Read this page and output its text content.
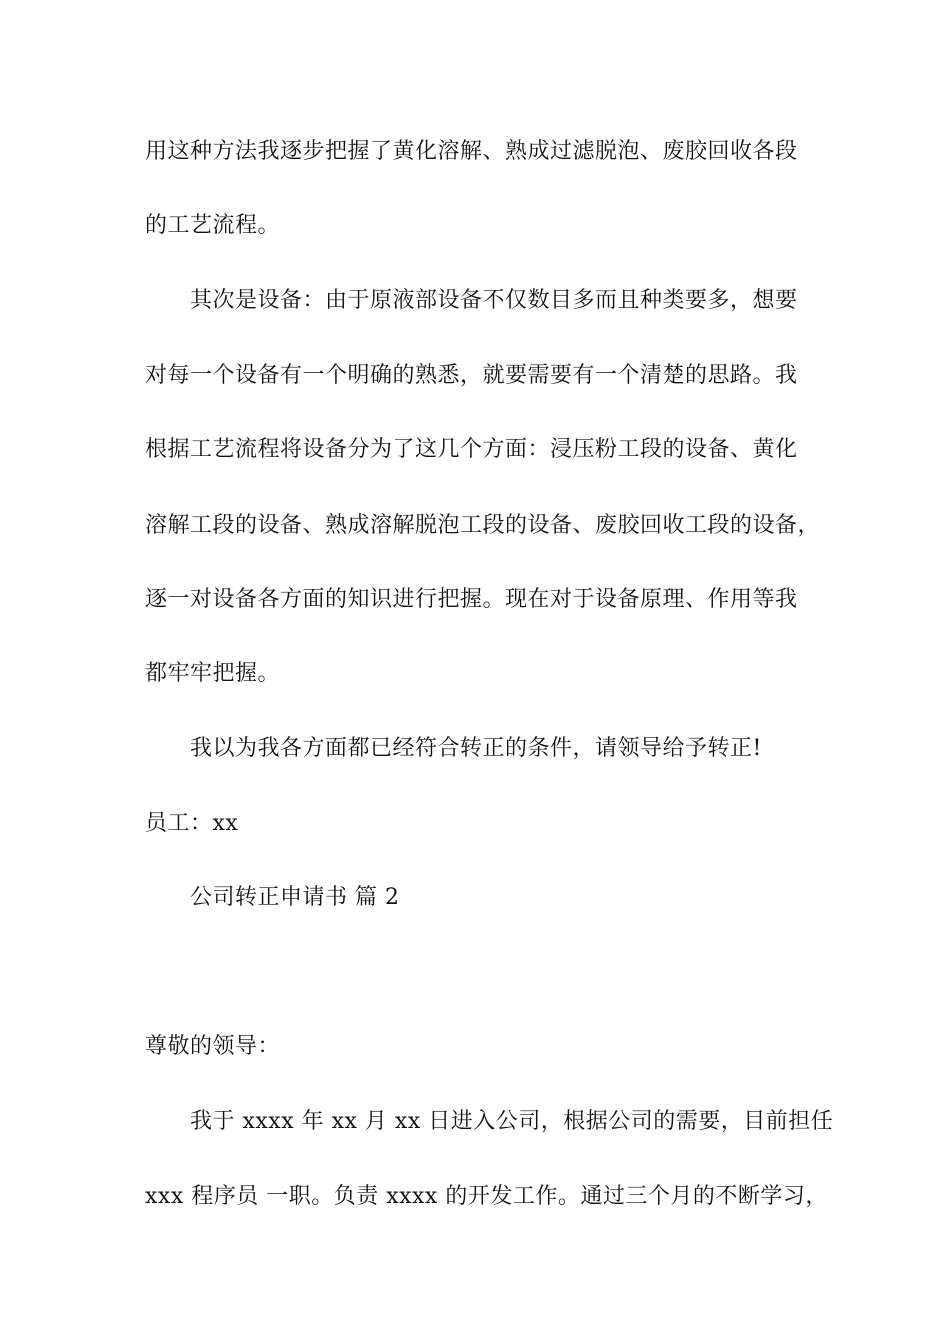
用这种方法我逐步把握了黄化溶解、熟成过滤脱泡、废胶回收各段
的工艺流程。
其次是设备：由于原液部设备不仅数目多而且种类要多，想要
对每一个设备有一个明确的熟悉，就要需要有一个清楚的思路。我
根据工艺流程将设备分为了这几个方面：浸压粉工段的设备、黄化
溶解工段的设备、熟成溶解脱泡工段的设备、废胶回收工段的设备，
逐一对设备各方面的知识进行把握。现在对于设备原理、作用等我
都牢牢把握。
我以为我各方面都已经符合转正的条件，请领导给予转正!
员工：xx
公司转正申请书 篇 2
尊敬的领导：
我于 xxxx 年 xx 月 xx 日进入公司，根据公司的需要，目前担任
xxx 程序员 一职。负责 xxxx 的开发工作。通过三个月的不断学习，
